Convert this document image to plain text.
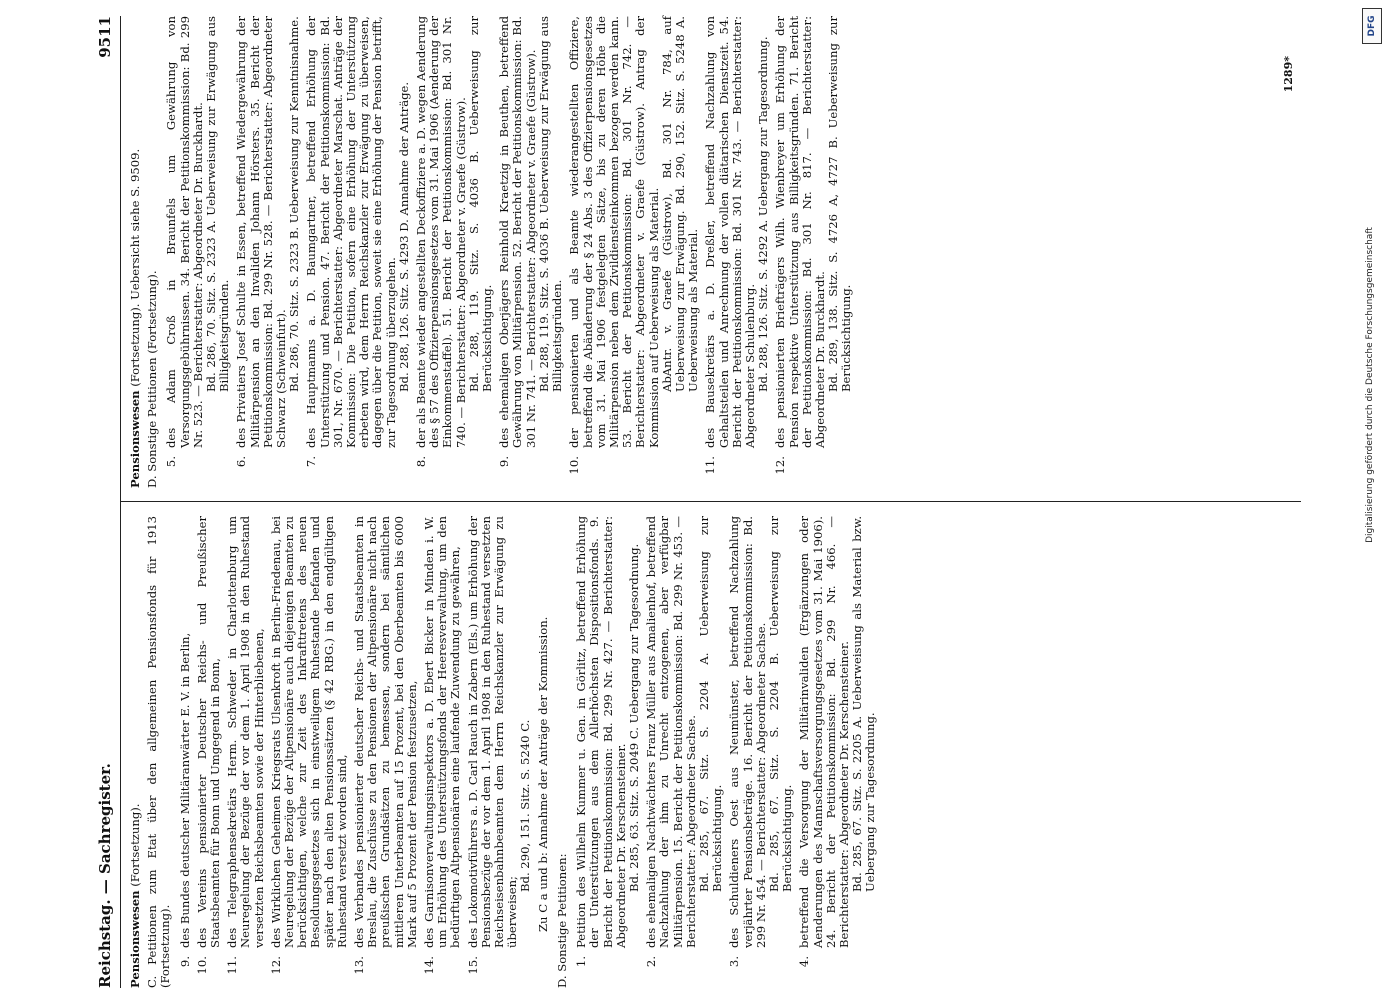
Reichstag. — Sachregister.
9511
Pensionswesen (Fortsetzung). C. Petitionen zum Etat über den allgemeinen Pensionsfonds für 1913 (Fortsetzung). 9.
des Bundes deutscher Militäranwärter E. V. in Berlin,
10.
des Vereins pensionierter Deutscher Reichs- und Preußischer Staatsbeamten für Bonn und Umgegend in Bonn,
11.
des Telegraphensekretärs Herm. Schweder in Charlottenburg um Neuregelung der Bezüge der vor dem 1. April 1908 in den Ruhestand versetzten Reichsbeamten sowie der Hinterbliebenen,
12.
des Wirklichen Geheimen Kriegsrats Ulsenkroft in Berlin-Friedenau, bei Neuregelung der Bezüge der Altpensionäre auch diejenigen Beamten zu berücksichtigen, welche zur Zeit des Inkrafttretens des neuen Besoldungsgesetzes sich in einstweiligem Ruhestande befanden und später nach den alten Pensionssätzen (§ 42 RBG.) in den endgültigen Ruhestand versetzt worden sind,
13.
des Verbandes pensionierter deutscher Reichs- und Staatsbeamten in Breslau, die Zuschüsse zu den Pensionen der Altpensionäre nicht nach preußischen Grundsätzen zu bemessen, sondern bei sämtlichen mittleren Unterbeamten auf 15 Prozent, bei den Oberbeamten bis 6000 Mark auf 5 Prozent der Pension festzusetzen,
14.
des Garnisonverwaltungsinspektors a. D. Ebert Bicker in Minden i. W. um Erhöhung des Unterstützungsfonds der Heeresverwaltung, um den bedürftigen Altpensionären eine laufende Zuwendung zu gewähren,
15.
des Lokomotivführers a. D. Carl Rauch in Zabern (Els.) um Erhöhung der Pensionsbezüge der vor dem 1. April 1908 in den Ruhestand versetzten Reichseisenbahnbeamten dem Herrn Reichskanzler zur Erwägung zu überweisen;
Bd. 290, 151. Sitz. S. 5240 C. Zu C a und b: Annahme der Anträge der Kommission. D. Sonstige Petitionen: 1.
Petition des Wilhelm Kummer u. Gen. in Görlitz, betreffend Erhöhung der Unterstützungen aus dem Allerhöchsten Dispositionsfonds. 9. Bericht der Petitionskommission: Bd. 299 Nr. 427. — Berichterstatter: Abgeordneter Dr. Kerschensteiner. Bd. 285, 63. Sitz. S. 2049 C. Uebergang zur Tagesordnung.
2.
des ehemaligen Nachtwächters Franz Müller aus Amalienhof, betreffend Nachzahlung der ihm zu Unrecht entzogenen, aber verfügbar Militärpension. 15. Bericht der Petitionskommission: Bd. 299 Nr. 453. — Berichterstatter: Abgeordneter Sachse. Bd. 285, 67. Sitz. S. 2204 A. Ueberweisung zur Berücksichtigung.
3.
des Schuldieners Oest aus Neumünster, betreffend Nachzahlung verjährter Pensionsbeträge. 16. Bericht der Petitionskommission: Bd. 299 Nr. 454. — Berichterstatter: Abgeordneter Sachse. Bd. 285, 67. Sitz. S. 2204 B. Ueberweisung zur Berücksichtigung.
4.
betreffend die Versorgung der Militärinvaliden (Ergänzungen oder Aenderungen des Mannschaftsversorgungsgesetzes vom 31. Mai 1906). 24. Bericht der Petitionskommission: Bd. 299 Nr. 466. — Berichterstatter: Abgeordneter Dr. Kerschensteiner. Bd. 285, 67. Sitz. S. 2205 A. Ueberweisung als Material bzw. Uebergang zur Tagesordnung.
Pensionswesen (Fortsetzung). Uebersicht siehe S. 9509. D. Sonstige Petitionen (Fortsetzung). 5.
des Adam Croß in Braunfels um Gewährung von Versorgungsgebührnissen. 34. Bericht der Petitionskommission: Bd. 299 Nr. 523. — Berichterstatter: Abgeordneter Dr. Burckhardt. Bd. 286, 70. Sitz. S. 2323 A. Ueberweisung zur Erwägung aus Billigkeitsgründen.
6.
des Privatiers Josef Schulte in Essen, betreffend Wiedergewährung der Militärpension an den Invaliden Johann Hörsters. 35. Bericht der Petitionskommission: Bd. 299 Nr. 528. — Berichterstatter: Abgeordneter Schwarz (Schweinfurt). Bd. 286, 70. Sitz. S. 2323 B. Ueberweisung zur Kenntnisnahme.
7.
des Hauptmanns a. D. Baumgartner, betreffend Erhöhung der Unterstützung und Pension. 47. Bericht der Petitionskommission: Bd. 301, Nr. 670. — Berichterstatter: Abgeordneter Marschat. Anträge der Kommission: Die Petition, sofern eine Erhöhung der Unterstützung erbeten wird, dem Herrn Reichskanzler zur Erwägung zu überweisen, dagegen über die Petition, soweit sie eine Erhöhung der Pension betrifft, zur Tagesordnung überzugehen. Bd. 288, 126. Sitz. S. 4293 D. Annahme der Anträge.
8.
der als Beamte wieder angestellten Deckoffiziere a. D. wegen Aenderung des § 57 des Offizierpensionsgesetzes vom 31. Mai 1906 (Aenderung der Einkommenstaffel). 51. Bericht der Petitionskommission: Bd. 301 Nr. 740. — Berichterstatter: Abgeordneter v. Graefe (Güstrow). Bd. 288, 119. Sitz. S. 4036 B. Ueberweisung zur Berücksichtigung.
9.
des ehemaligen Oberjägers Reinhold Kraetzig in Beuthen, betreffend Gewährung von Militärpension. 52. Bericht der Petitionskommission: Bd. 301 Nr. 741. — Berichterstatter: Abgeordneter v. Graefe (Güstrow). Bd. 288, 119. Sitz. S. 4036 B. Ueberweisung zur Erwägung aus Billigkeitsgründen.
10.
der pensionierten und als Beamte wiederangestellten Offiziere, betreffend die Abänderung der § 24 Abs. 3 des Offizierpensionsgesetzes vom 31. Mai 1906 festgelegten Sätze, bis zu deren Höhe die Militärpension neben dem Zivildiensteinkommen bezogen werden kann. 53. Bericht der Petitionskommission: Bd. 301 Nr. 742. — Berichterstatter: Abgeordneter v. Graefe (Güstrow). Antrag der Kommission auf Ueberweisung als Material. AbAntr. v. Graefe (Güstrow), Bd. 301 Nr. 784, auf Ueberweisung zur Erwägung. Bd. 290, 152. Sitz. S. 5248 A. Ueberweisung als Material.
11.
des Bausekretärs a. D. Dreßler, betreffend Nachzahlung von Gehaltsteilen und Anrechnung der vollen diätarischen Dienstzeit. 54. Bericht der Petitionskommission: Bd. 301 Nr. 743. — Berichterstatter: Abgeordneter Schulenburg. Bd. 288, 126. Sitz. S. 4292 A. Uebergang zur Tagesordnung.
12.
des pensionierten Briefträgers Wilh. Wienbreyer um Erhöhung der Pension respektive Unterstützung aus Billigkeitsgründen. 71. Bericht der Petitionskommission: Bd. 301 Nr. 817. — Berichterstatter: Abgeordneter Dr. Burckhardt. Bd. 289, 138. Sitz. S. 4726 A, 4727 B. Ueberweisung zur Berücksichtigung.
1289*
DFG
Digitalisierung gefördert durch die Deutsche Forschungsgemeinschaft
